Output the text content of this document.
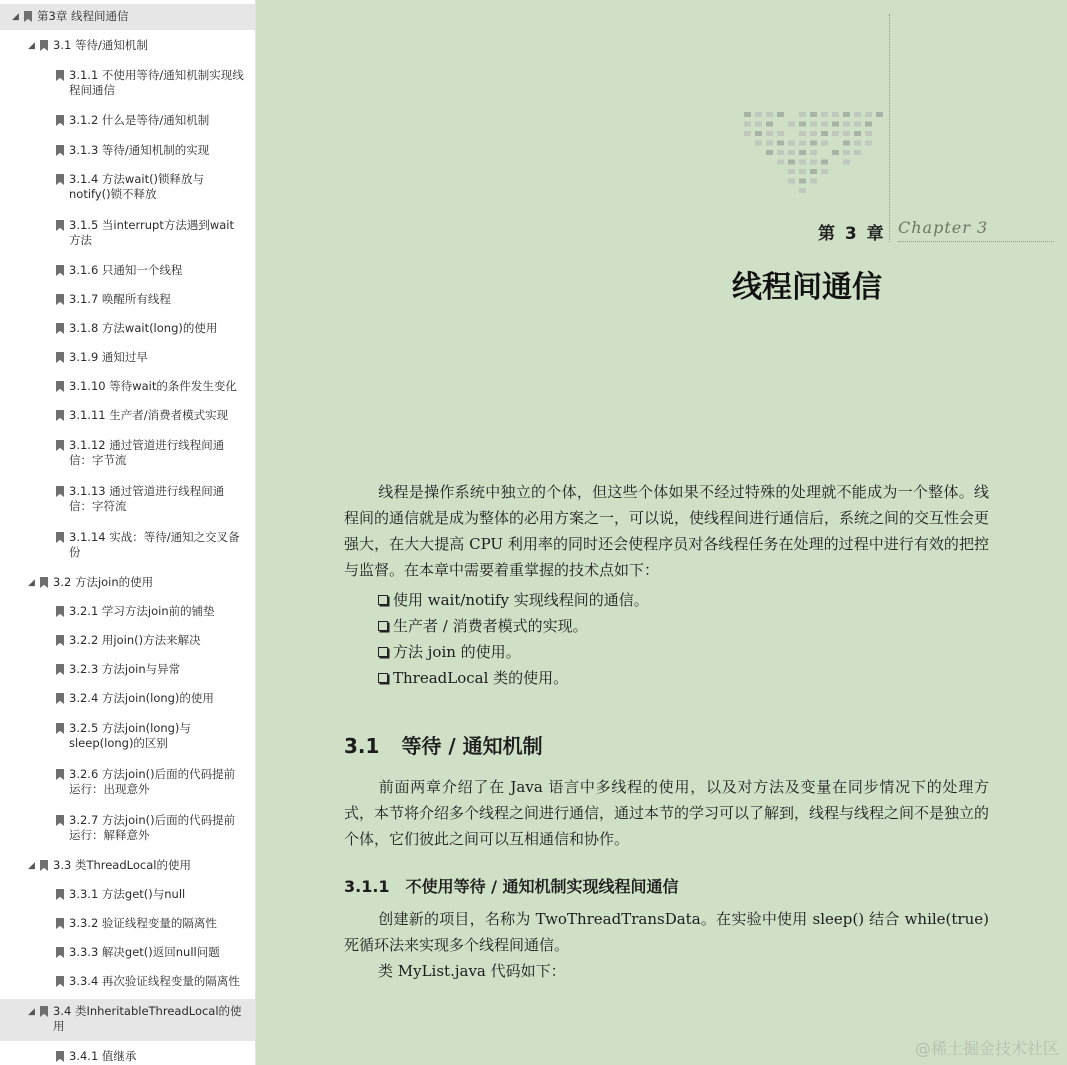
◢ 第3章 线程间通信
◢ 3.1 等待/通知机制
3.1.1 不使用等待/通知机制实现线程间通信
3.1.2 什么是等待/通知机制
3.1.3 等待/通知机制的实现
3.1.4 方法wait()锁释放与notify()锁不释放
3.1.5 当interrupt方法遇到wait方法
3.1.6 只通知一个线程
3.1.7 唤醒所有线程
3.1.8 方法wait(long)的使用
3.1.9 通知过早
3.1.10 等待wait的条件发生变化
3.1.11 生产者/消费者模式实现
3.1.12 通过管道进行线程间通信：字节流
3.1.13 通过管道进行线程间通信：字符流
3.1.14 实战：等待/通知之交叉备份
◢ 3.2 方法join的使用
3.2.1 学习方法join前的铺垫
3.2.2 用join()方法来解决
3.2.3 方法join与异常
3.2.4 方法join(long)的使用
3.2.5 方法join(long)与sleep(long)的区别
3.2.6 方法join()后面的代码提前运行：出现意外
3.2.7 方法join()后面的代码提前运行：解释意外
◢ 3.3 类ThreadLocal的使用
3.3.1 方法get()与null
3.3.2 验证线程变量的隔离性
3.3.3 解决get()返回null问题
3.3.4 再次验证线程变量的隔离性
◢ 3.4 类InheritableThreadLocal的使用
3.4.1 值继承
第 3 章 Chapter 3
线程间通信
线程是操作系统中独立的个体，但这些个体如果不经过特殊的处理就不能成为一个整体。线程间的通信就是成为整体的必用方案之一，可以说，使线程间进行通信后，系统之间的交互性会更强大，在大大提高 CPU 利用率的同时还会使程序员对各线程任务在处理的过程中进行有效的把控与监督。在本章中需要着重掌握的技术点如下：
使用 wait/notify 实现线程间的通信。
生产者 / 消费者模式的实现。
方法 join 的使用。
ThreadLocal 类的使用。
3.1 等待 / 通知机制
前面两章介绍了在 Java 语言中多线程的使用，以及对方法及变量在同步情况下的处理方式，本节将介绍多个线程之间进行通信，通过本节的学习可以了解到，线程与线程之间不是独立的个体，它们彼此之间可以互相通信和协作。
3.1.1 不使用等待 / 通知机制实现线程间通信
创建新的项目，名称为 TwoThreadTransData。在实验中使用 sleep() 结合 while(true) 死循环法来实现多个线程间通信。
类 MyList.java 代码如下：
@稀土掘金技术社区
